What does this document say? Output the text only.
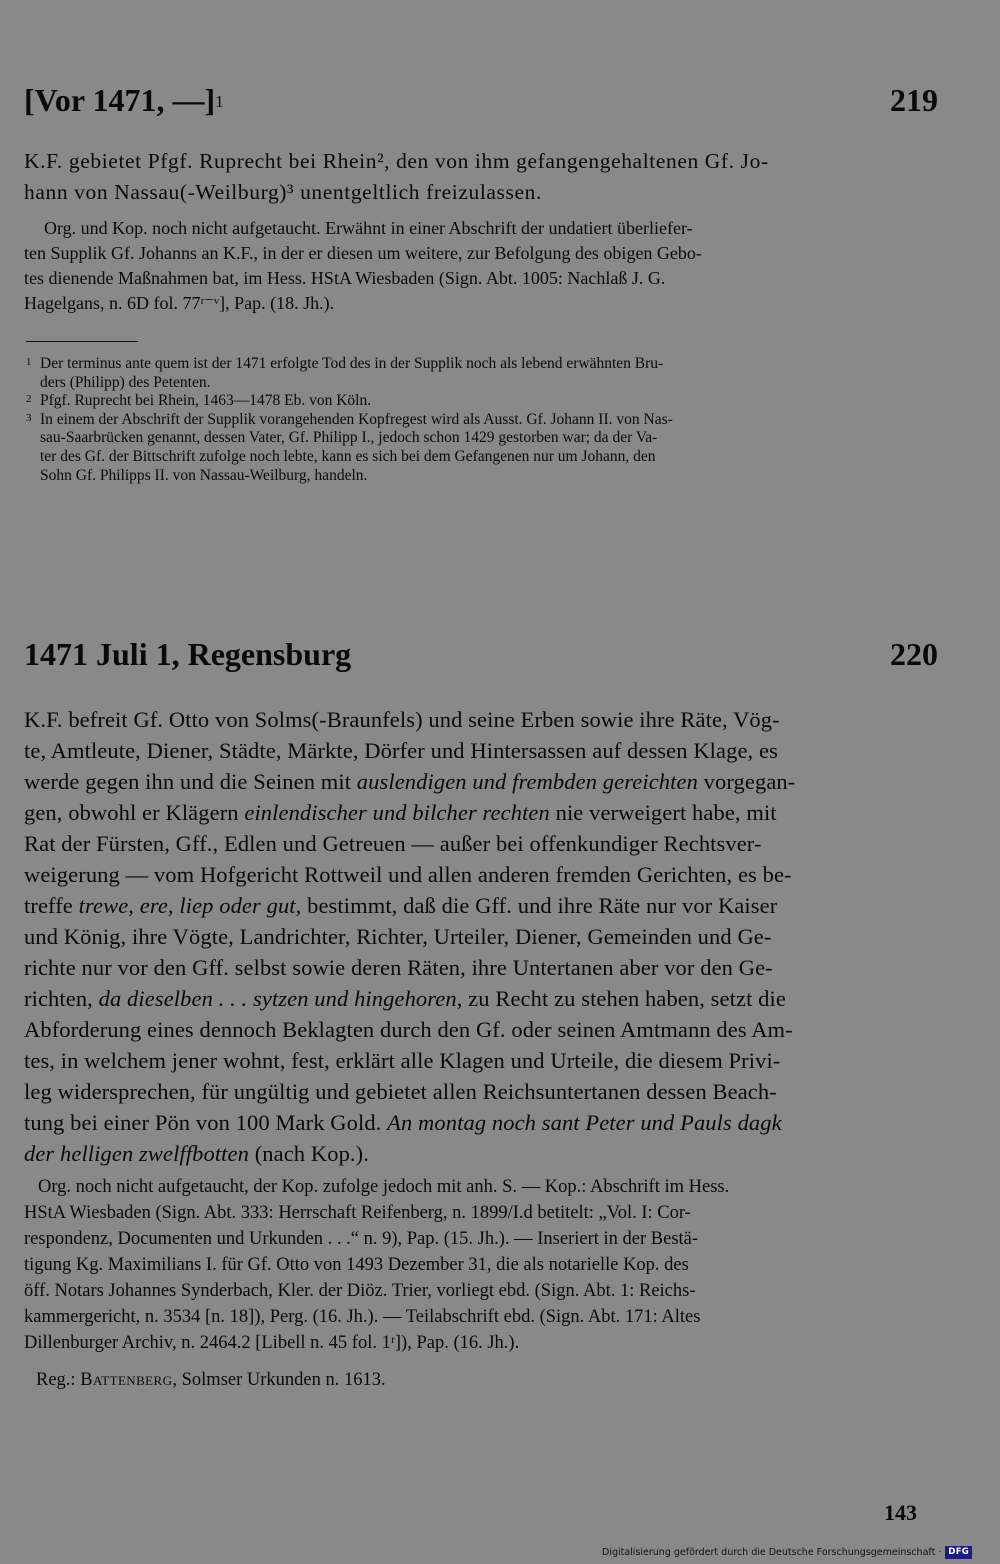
[Vor 1471, —]$^1$	219
K.F. gebietet Pfgf. Ruprecht bei Rhein², den von ihm gefangengehaltenen Gf. Jo-
hann von Nassau(-Weilburg)³ unentgeltlich freizulassen.
Org. und Kop. noch nicht aufgetaucht. Erwähnt in einer Abschrift der undatiert überliefer-
ten Supplik Gf. Johanns an K.F., in der er diesen um weitere, zur Befolgung des obigen Gebo-
tes dienende Maßnahmen bat, im Hess. HStA Wiesbaden (Sign. Abt. 1005: Nachlaß J. G.
Hagelgans, n. 6D fol. 77ʳ⁻ᵛ], Pap. (18. Jh.).
1 Der terminus ante quem ist der 1471 erfolgte Tod des in der Supplik noch als lebend erwähnten Bru-
ders (Philipp) des Petenten.
2 Pfgf. Ruprecht bei Rhein, 1463—1478 Eb. von Köln.
3 In einem der Abschrift der Supplik vorangehenden Kopfregest wird als Ausst. Gf. Johann II. von Nas-
sau-Saarbrücken genannt, dessen Vater, Gf. Philipp I., jedoch schon 1429 gestorben war; da der Va-
ter des Gf. der Bittschrift zufolge noch lebte, kann es sich bei dem Gefangenen nur um Johann, den
Sohn Gf. Philipps II. von Nassau-Weilburg, handeln.
1471 Juli 1, Regensburg	220
K.F. befreit Gf. Otto von Solms(-Braunfels) und seine Erben sowie ihre Räte, Vög-
te, Amtleute, Diener, Städte, Märkte, Dörfer und Hintersassen auf dessen Klage, es
werde gegen ihn und die Seinen mit auslendigen und frembden gereichten vorgegan-
gen, obwohl er Klägern einlendischer und bilcher rechten nie verweigert habe, mit
Rat der Fürsten, Gff., Edlen und Getreuen — außer bei offenkundiger Rechtsver-
weigerung — vom Hofgericht Rottweil und allen anderen fremden Gerichten, es be-
treffe trewe, ere, liep oder gut, bestimmt, daß die Gff. und ihre Räte nur vor Kaiser
und König, ihre Vögte, Landrichter, Richter, Urteiler, Diener, Gemeinden und Ge-
richte nur vor den Gff. selbst sowie deren Räten, ihre Untertanen aber vor den Ge-
richten, da dieselben . . . sytzen und hingehoren, zu Recht zu stehen haben, setzt die
Abforderung eines dennoch Beklagten durch den Gf. oder seinen Amtmann des Am-
tes, in welchem jener wohnt, fest, erklärt alle Klagen und Urteile, die diesem Privi-
leg widersprechen, für ungültig und gebietet allen Reichsuntertanen dessen Beach-
tung bei einer Pön von 100 Mark Gold. An montag noch sant Peter und Pauls dagk
der helligen zwelffbotten (nach Kop.).
Org. noch nicht aufgetaucht, der Kop. zufolge jedoch mit anh. S. — Kop.: Abschrift im Hess.
HStA Wiesbaden (Sign. Abt. 333: Herrschaft Reifenberg, n. 1899/I.d betitelt: „Vol. I: Cor-
respondenz, Documenten und Urkunden . . .“ n. 9), Pap. (15. Jh.). — Inseriert in der Bestä-
tigung Kg. Maximilians I. für Gf. Otto von 1493 Dezember 31, die als notarielle Kop. des
öff. Notars Johannes Synderbach, Kler. der Diöz. Trier, vorliegt ebd. (Sign. Abt. 1: Reichs-
kammergericht, n. 3534 [n. 18]), Perg. (16. Jh.). — Teilabschrift ebd. (Sign. Abt. 171: Altes
Dillenburger Archiv, n. 2464.2 [Libell n. 45 fol. 1ʳ]), Pap. (16. Jh.).
Reg.: Battenberg, Solmser Urkunden n. 1613.
143
Digitalisierung gefördert durch die Deutsche Forschungsgemeinschaft · DFG
